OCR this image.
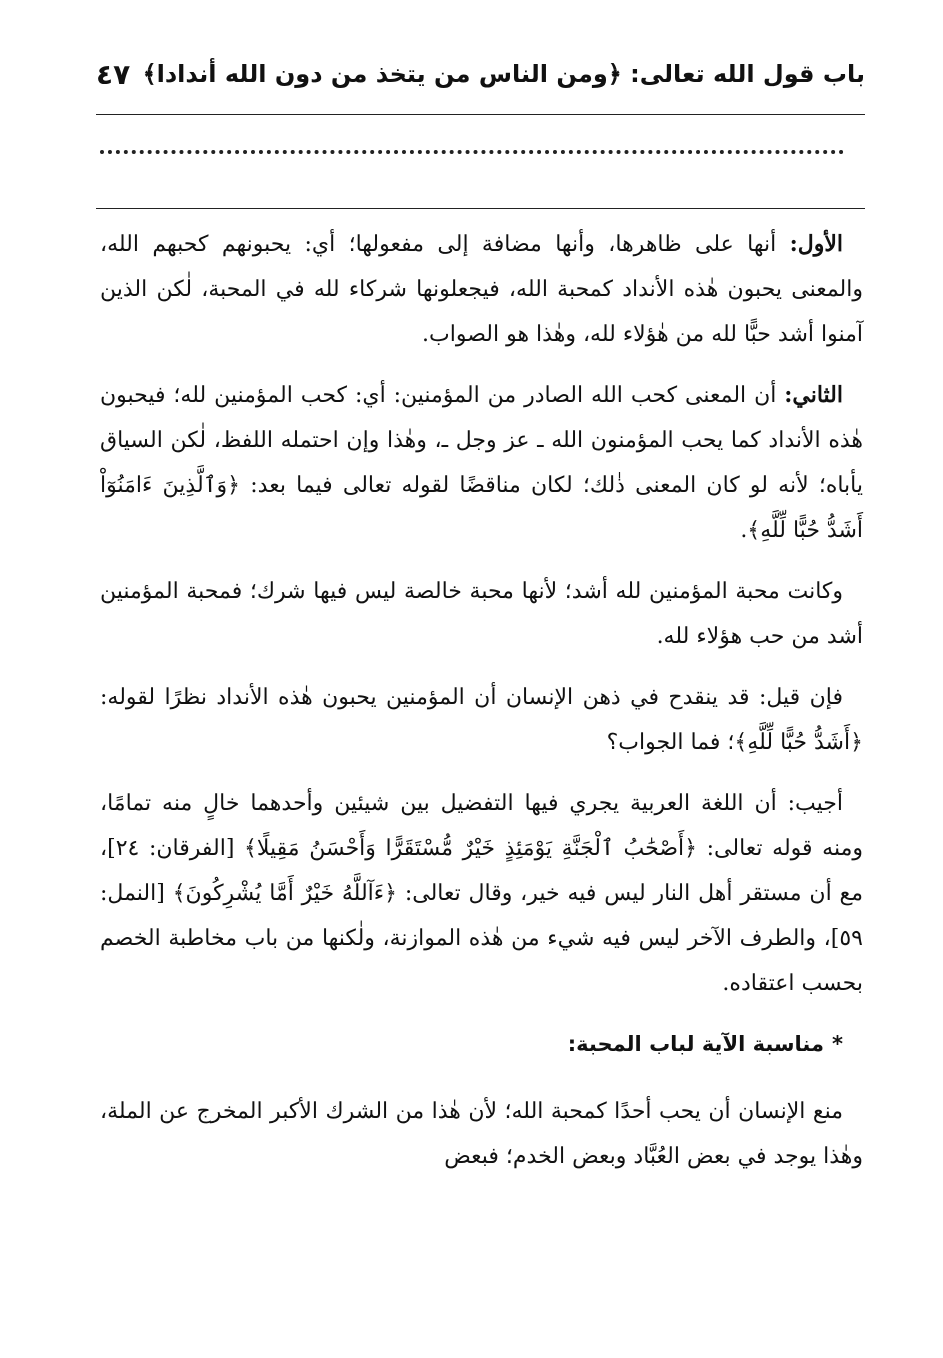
باب قول الله تعالى: ﴿ومن الناس من يتخذ من دون الله أندادا﴾
٤٧

الأول: أنها على ظاهرها، وأنها مضافة إلى مفعولها؛ أي: يحبونهم كحبهم الله، والمعنى يحبون هٰذه الأنداد كمحبة الله، فيجعلونها شركاء لله في المحبة، لٰكن الذين آمنوا أشد حبًّا لله من هٰؤلاء لله، وهٰذا هو الصواب.

الثاني: أن المعنى كحب الله الصادر من المؤمنين: أي: كحب المؤمنين لله؛ فيحبون هٰذه الأنداد كما يحب المؤمنون الله ـ عز وجل ـ، وهٰذا وإن احتمله اللفظ، لٰكن السياق يأباه؛ لأنه لو كان المعنى ذٰلك؛ لكان مناقضًا لقوله تعالى فيما بعد: ﴿وَٱلَّذِينَ ءَامَنُوٓاْ أَشَدُّ حُبًّا لِّلَّهِ﴾.

وكانت محبة المؤمنين لله أشد؛ لأنها محبة خالصة ليس فيها شرك؛ فمحبة المؤمنين أشد من حب هؤلاء لله.

فإن قيل: قد ينقدح في ذهن الإنسان أن المؤمنين يحبون هٰذه الأنداد نظرًا لقوله: ﴿أَشَدُّ حُبًّا لِّلَّهِ﴾؛ فما الجواب؟

أجيب: أن اللغة العربية يجري فيها التفضيل بين شيئين وأحدهما خالٍ منه تمامًا، ومنه قوله تعالى: ﴿أَصْحَٰبُ ٱلْجَنَّةِ يَوْمَئِذٍ خَيْرٌ مُّسْتَقَرًّا وَأَحْسَنُ مَقِيلًا﴾ [الفرقان: ٢٤]، مع أن مستقر أهل النار ليس فيه خير، وقال تعالى: ﴿ءَآللَّهُ خَيْرٌ أَمَّا يُشْرِكُونَ﴾ [النمل: ٥٩]، والطرف الآخر ليس فيه شيء من هٰذه الموازنة، ولٰكنها من باب مخاطبة الخصم بحسب اعتقاده.

*مناسبة الآية لباب المحبة:

منع الإنسان أن يحب أحدًا كمحبة الله؛ لأن هٰذا من الشرك الأكبر المخرج عن الملة، وهٰذا يوجد في بعض العُبَّاد وبعض الخدم؛ فبعض
